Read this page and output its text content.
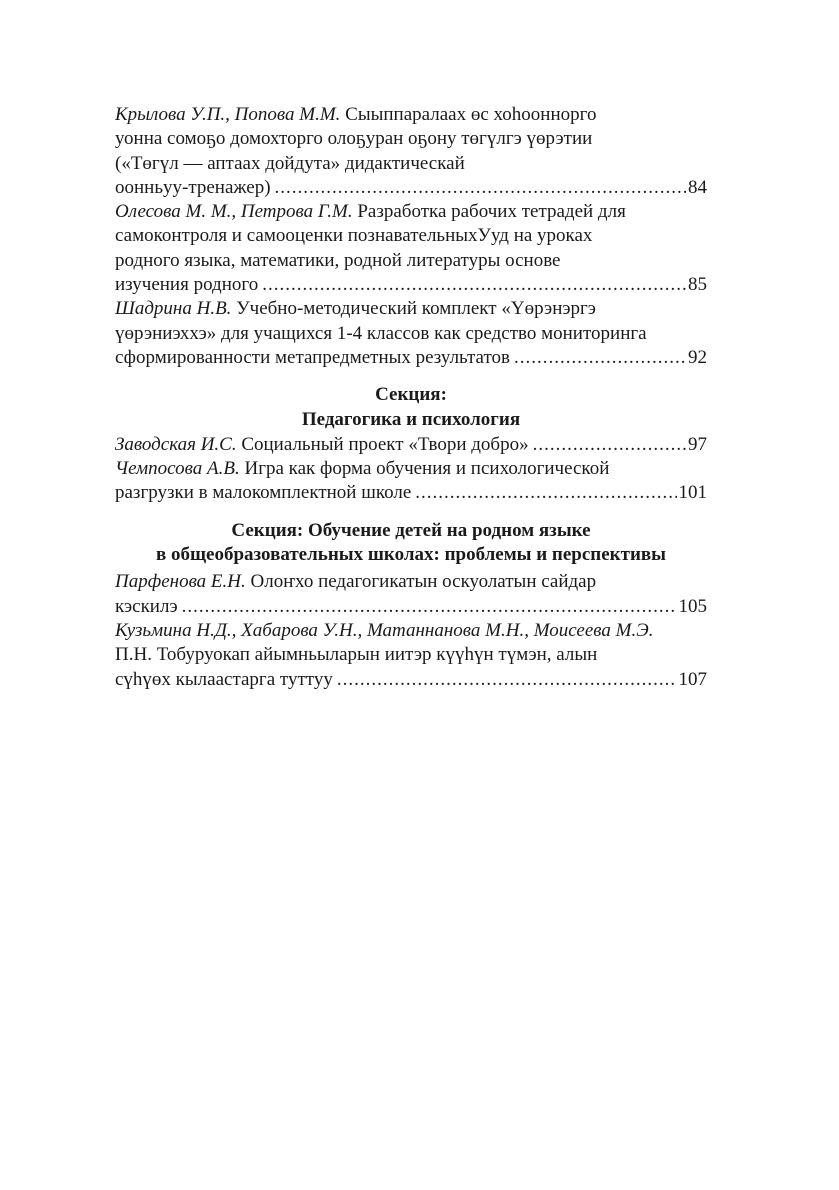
Крылова У.П., Попова М.М. Сыыппаралаах өс хоһооннорго
уонна сомоҕо домохторго олоҕуран оҕону төгүлгэ үөрэтии
(«Төгүл — аптаах дойдута» дидактическай
оонньуу-тренажер) .....	84
Олесова М. М., Петрова Г.М. Разработка рабочих тетрадей для
самоконтроля и самооценки познавательныхУуд на уроках
родного языка, математики, родной литературы основе
изучения родного .....	85
Шадрина Н.В. Учебно-методический комплект «Үөрэнэргэ
үөрэниэххэ» для учащихся 1-4 классов как средство мониторинга
сформированности метапредметных результатов .....	92
Секция:
Педагогика и психология
Заводская И.С. Социальный проект «Твори добро» .....	97
Чемпосова А.В. Игра как форма обучения и психологической
разгрузки в малокомплектной школе .....	101
Секция: Обучение детей на родном языке
в общеобразовательных школах: проблемы и перспективы
Парфенова Е.Н. Олоҥхо педагогикатын оскуолатын сайдар
кэскилэ .....	105
Кузьмина Н.Д., Хабарова У.Н., Матаннанова М.Н., Моисеева М.Э.
П.Н. Тобуруокап айымньыларын иитэр күүһүн түмэн, алын
сүһүөх кылаастарга туттуу .....	107
